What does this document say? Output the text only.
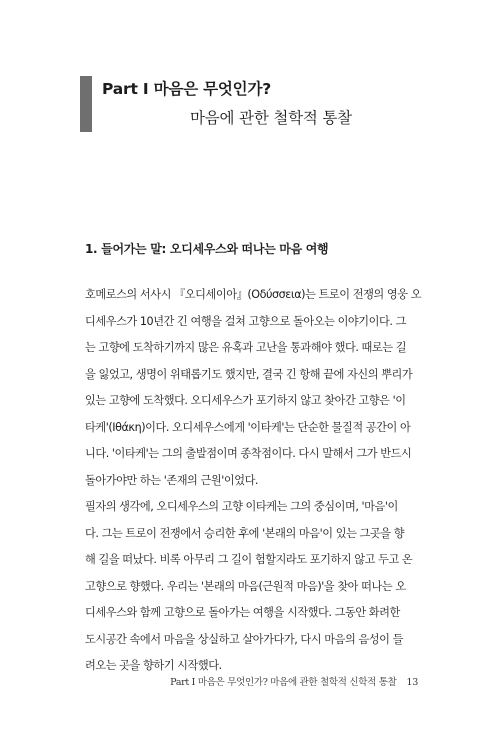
Part Ⅰ 마음은 무엇인가?
마음에 관한 철학적 통찰
1. 들어가는 말: 오디세우스와 떠나는 마음 여행
호메로스의 서사시 『오디세이아』(Οδύσσεια)는 트로이 전쟁의 영웅 오
디세우스가 10년간 긴 여행을 걸쳐 고향으로 돌아오는 이야기이다. 그
는 고향에 도착하기까지 많은 유혹과 고난을 통과해야 했다. 때로는 길
을 잃었고, 생명이 위태롭기도 했지만, 결국 긴 항해 끝에 자신의 뿌리가
있는 고향에 도착했다. 오디세우스가 포기하지 않고 찾아간 고향은 '이
타케'(Ιθάκη)이다. 오디세우스에게 '이타케'는 단순한 물질적 공간이 아
니다. '이타케'는 그의 출발점이며 종착점이다. 다시 말해서 그가 반드시
돌아가야만 하는 '존재의 근원'이었다.
필자의 생각에, 오디세우스의 고향 이타케는 그의 중심이며, '마음'이
다. 그는 트로이 전쟁에서 승리한 후에 '본래의 마음'이 있는 그곳을 향
해 길을 떠났다. 비록 아무리 그 길이 험할지라도 포기하지 않고 두고 온
고향으로 향했다. 우리는 '본래의 마음(근원적 마음)'을 찾아 떠나는 오
디세우스와 함께 고향으로 돌아가는 여행을 시작했다. 그동안 화려한
도시공간 속에서 마음을 상실하고 살아가다가, 다시 마음의 음성이 들
려오는 곳을 향하기 시작했다.
Part Ⅰ 마음은 무엇인가? 마음에 관한 철학적 신학적 통찰 13
